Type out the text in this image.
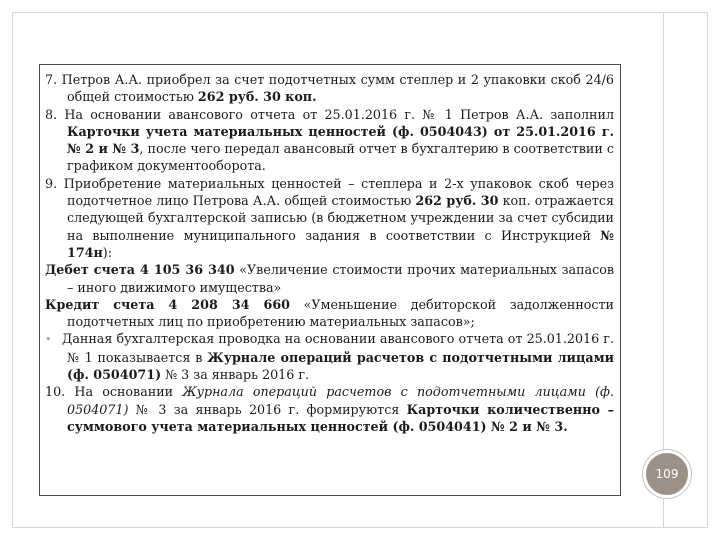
7. Петров А.А. приобрел за счет подотчетных сумм степлер и 2 упаковки скоб 24/6 общей стоимостью 262 руб. 30 коп.

8. На основании авансового отчета от 25.01.2016 г. № 1 Петров А.А. заполнил Карточки учета материальных ценностей (ф. 0504043) от 25.01.2016 г. № 2 и № 3, после чего передал авансовый отчет в бухгалтерию в соответствии с графиком документооборота.

9. Приобретение материальных ценностей – степлера и 2-х упаковок скоб через подотчетное лицо Петрова А.А. общей стоимостью 262 руб. 30 коп. отражается следующей бухгалтерской записью (в бюджетном учреждении за счет субсидии на выполнение муниципального задания в соответствии с Инструкцией № 174н):

Дебет счета 4 105 36 340 «Увеличение стоимости прочих материальных запасов – иного движимого имущества»

Кредит счета 4 208 34 660 «Уменьшение дебиторской задолженности подотчетных лиц по приобретению материальных запасов»;

• Данная бухгалтерская проводка на основании авансового отчета от 25.01.2016 г. № 1 показывается в Журнале операций расчетов с подотчетными лицами (ф. 0504071) № 3 за январь 2016 г.

10. На основании Журнала операций расчетов с подотчетными лицами (ф. 0504071) № 3 за январь 2016 г. формируются Карточки количественно – суммового учета материальных ценностей (ф. 0504041) № 2 и № 3.

109
